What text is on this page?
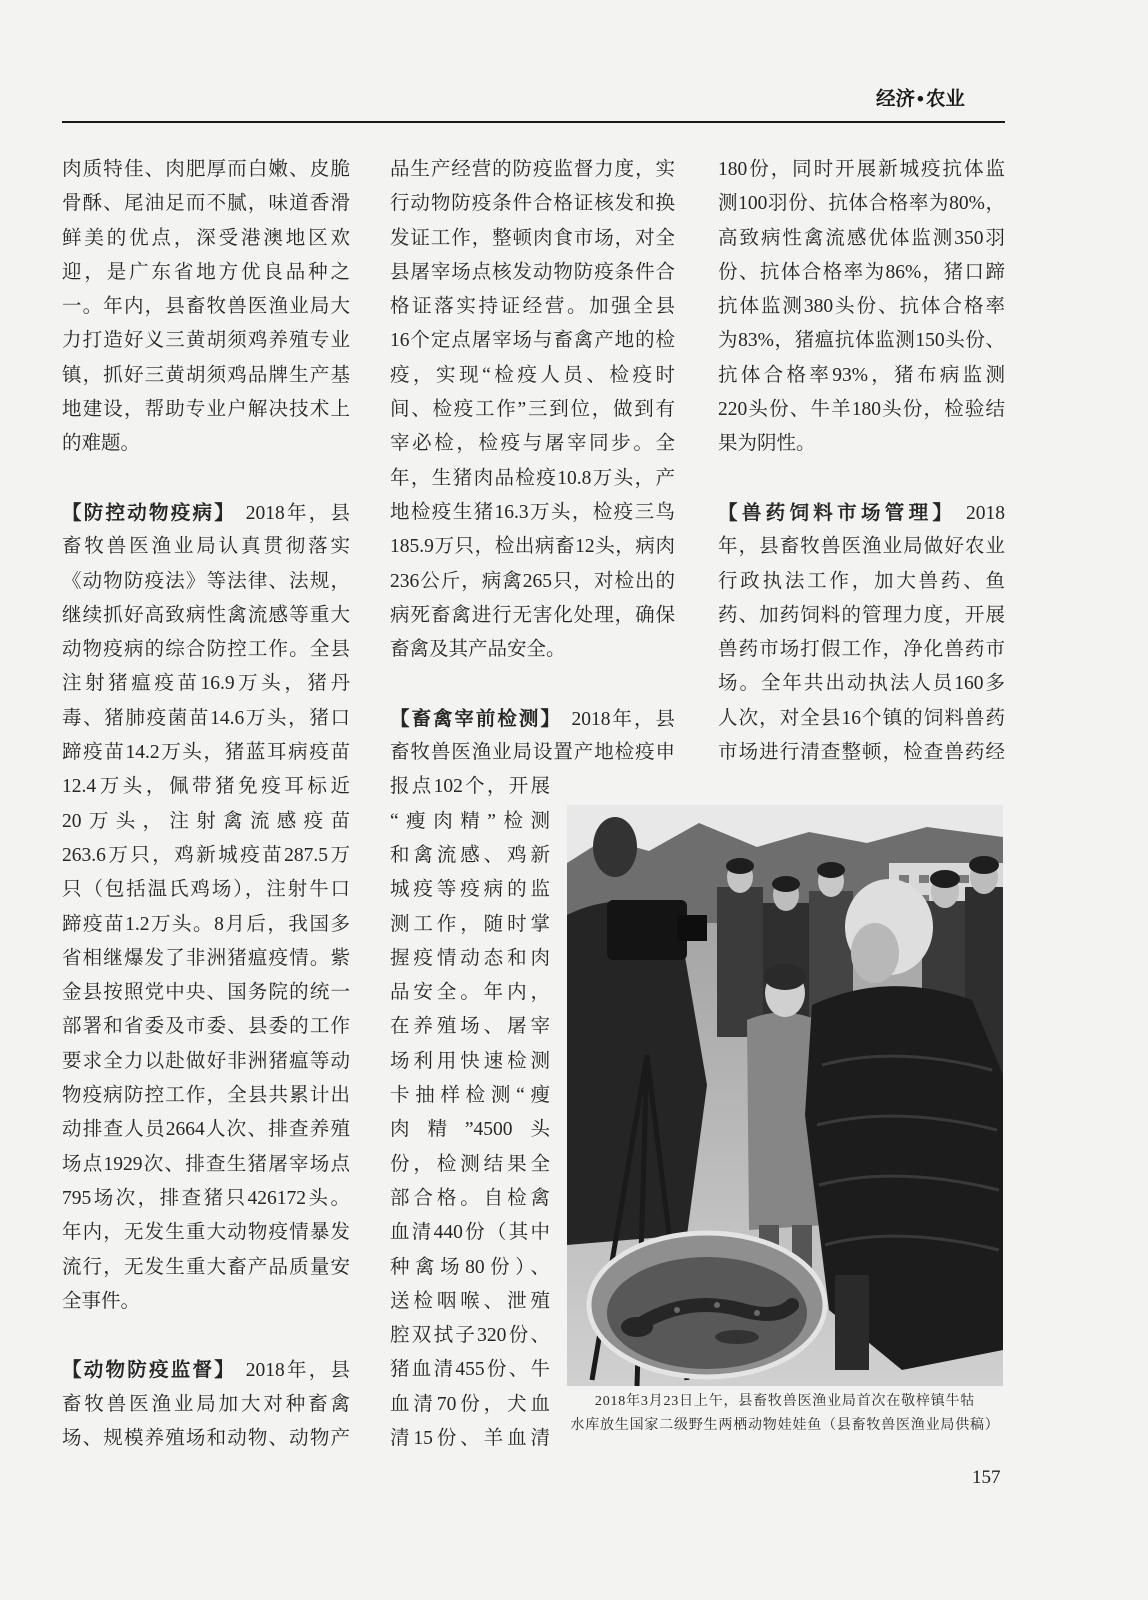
经济 • 农业
肉质特佳、肉肥厚而白嫩、皮脆
骨酥、尾油足而不腻，味道香滑
鲜美的优点，深受港澳地区欢
迎，是广东省地方优良品种之
一。年内，县畜牧兽医渔业局大
力打造好义三黄胡须鸡养殖专业
镇，抓好三黄胡须鸡品牌生产基
地建设，帮助专业户解决技术上
的难题。
【防控动物疫病】 2018年，县
畜牧兽医渔业局认真贯彻落实
《动物防疫法》等法律、法规，
继续抓好高致病性禽流感等重大
动物疫病的综合防控工作。全县
注射猪瘟疫苗16.9万头，猪丹
毒、猪肺疫菌苗14.6万头，猪口
蹄疫苗14.2万头，猪蓝耳病疫苗
12.4万头，佩带猪免疫耳标近
20万头，注射禽流感疫苗
263.6万只，鸡新城疫苗287.5万
只（包括温氏鸡场），注射牛口
蹄疫苗1.2万头。8月后，我国多
省相继爆发了非洲猪瘟疫情。紫
金县按照党中央、国务院的统一
部署和省委及市委、县委的工作
要求全力以赴做好非洲猪瘟等动
物疫病防控工作，全县共累计出
动排查人员2664人次、排查养殖
场点1929次、排查生猪屠宰场点
795场次，排查猪只426172头。
年内，无发生重大动物疫情暴发
流行，无发生重大畜产品质量安
全事件。
【动物防疫监督】 2018年，县
畜牧兽医渔业局加大对种畜禽
场、规模养殖场和动物、动物产
品生产经营的防疫监督力度，实
行动物防疫条件合格证核发和换
发证工作，整顿肉食市场，对全
县屠宰场点核发动物防疫条件合
格证落实持证经营。加强全县
16个定点屠宰场与畜禽产地的检
疫，实现“检疫人员、检疫时
间、检疫工作”三到位，做到有
宰必检，检疫与屠宰同步。全
年，生猪肉品检疫10.8万头，产
地检疫生猪16.3万头，检疫三鸟
185.9万只，检出病畜12头，病肉
236公斤，病禽265只，对检出的
病死畜禽进行无害化处理，确保
畜禽及其产品安全。
【畜禽宰前检测】 2018年，县
畜牧兽医渔业局设置产地检疫申
报点102个，开展
“瘦肉精”检测
和禽流感、鸡新
城疫等疫病的监
测工作，随时掌
握疫情动态和肉
品安全。年内，
在养殖场、屠宰
场利用快速检测
卡抽样检测“瘦
肉精”4500头
份，检测结果全
部合格。自检禽
血清440份（其中
种禽场80份）、
送检咽喉、泄殖
腔双拭子320份、
猪血清455份、牛
血清70份，犬血
清15份、羊血清
180份，同时开展新城疫抗体监
测100羽份、抗体合格率为80%，
高致病性禽流感优体监测350羽
份、抗体合格率为86%，猪口蹄
抗体监测380头份、抗体合格率
为83%，猪瘟抗体监测150头份、
抗体合格率93%，猪布病监测
220头份、牛羊180头份，检验结
果为阴性。
【兽药饲料市场管理】 2018
年，县畜牧兽医渔业局做好农业
行政执法工作，加大兽药、鱼
药、加药饲料的管理力度，开展
兽药市场打假工作，净化兽药市
场。全年共出动执法人员160多
人次，对全县16个镇的饲料兽药
市场进行清查整顿，检查兽药经
2018年3月23日上午，县畜牧兽医渔业局首次在敬梓镇牛牯
水库放生国家二级野生两栖动物娃娃鱼（县畜牧兽医渔业局供稿）
157
